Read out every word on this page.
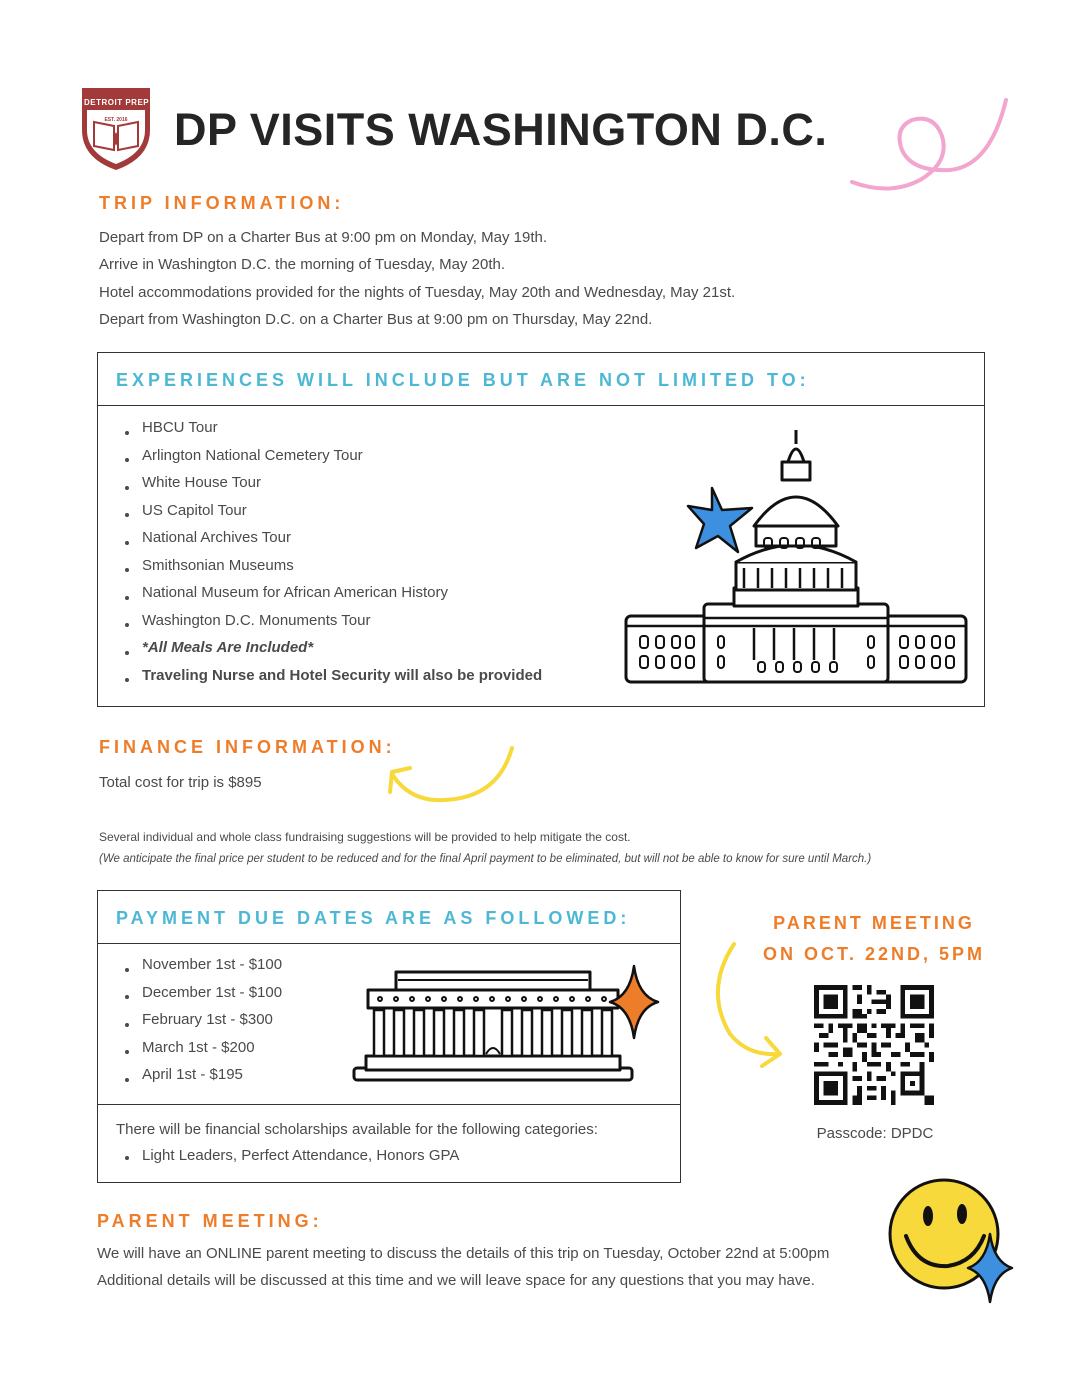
DETROIT PREP
EST. 2016	DP VISITS WASHINGTON D.C.
TRIP INFORMATION:

Depart from DP on a Charter Bus at 9:00 pm on Monday, May 19th.

Arrive in Washington D.C. the morning of Tuesday, May 20th.

Hotel accommodations provided for the nights of Tuesday, May 20th and Wednesday, May 21st.

Depart from Washington D.C. on a Charter Bus at 9:00 pm on Thursday, May 22nd.

EXPERIENCES WILL INCLUDE BUT ARE NOT LIMITED TO:
HBCU Tour
Arlington National Cemetery Tour
White House Tour
US Capitol Tour
National Archives Tour
Smithsonian Museums
National Museum for African American History
Washington D.C. Monuments Tour
*All Meals Are Included*
Traveling Nurse and Hotel Security will also be provided
FINANCE INFORMATION:

Total cost for trip is $895

Several individual and whole class fundraising suggestions will be provided to help mitigate the cost.

(We anticipate the final price per student to be reduced and for the final April payment to be eliminated, but will not be able to know for sure until March.)

PAYMENT DUE DATES ARE AS FOLLOWED:
November 1st - $100
December 1st - $100
February 1st - $300
March 1st - $200
April 1st - $195

There will be financial scholarships available for the following categories:

Light Leaders, Perfect Attendance, Honors GPA

PARENT MEETING

ON OCT. 22ND, 5PM

Passcode: DPDC

PARENT MEETING:

We will have an ONLINE parent meeting to discuss the details of this trip on Tuesday, October 22nd at 5:00pm

Additional details will be discussed at this time and we will leave space for any questions that you may have.
